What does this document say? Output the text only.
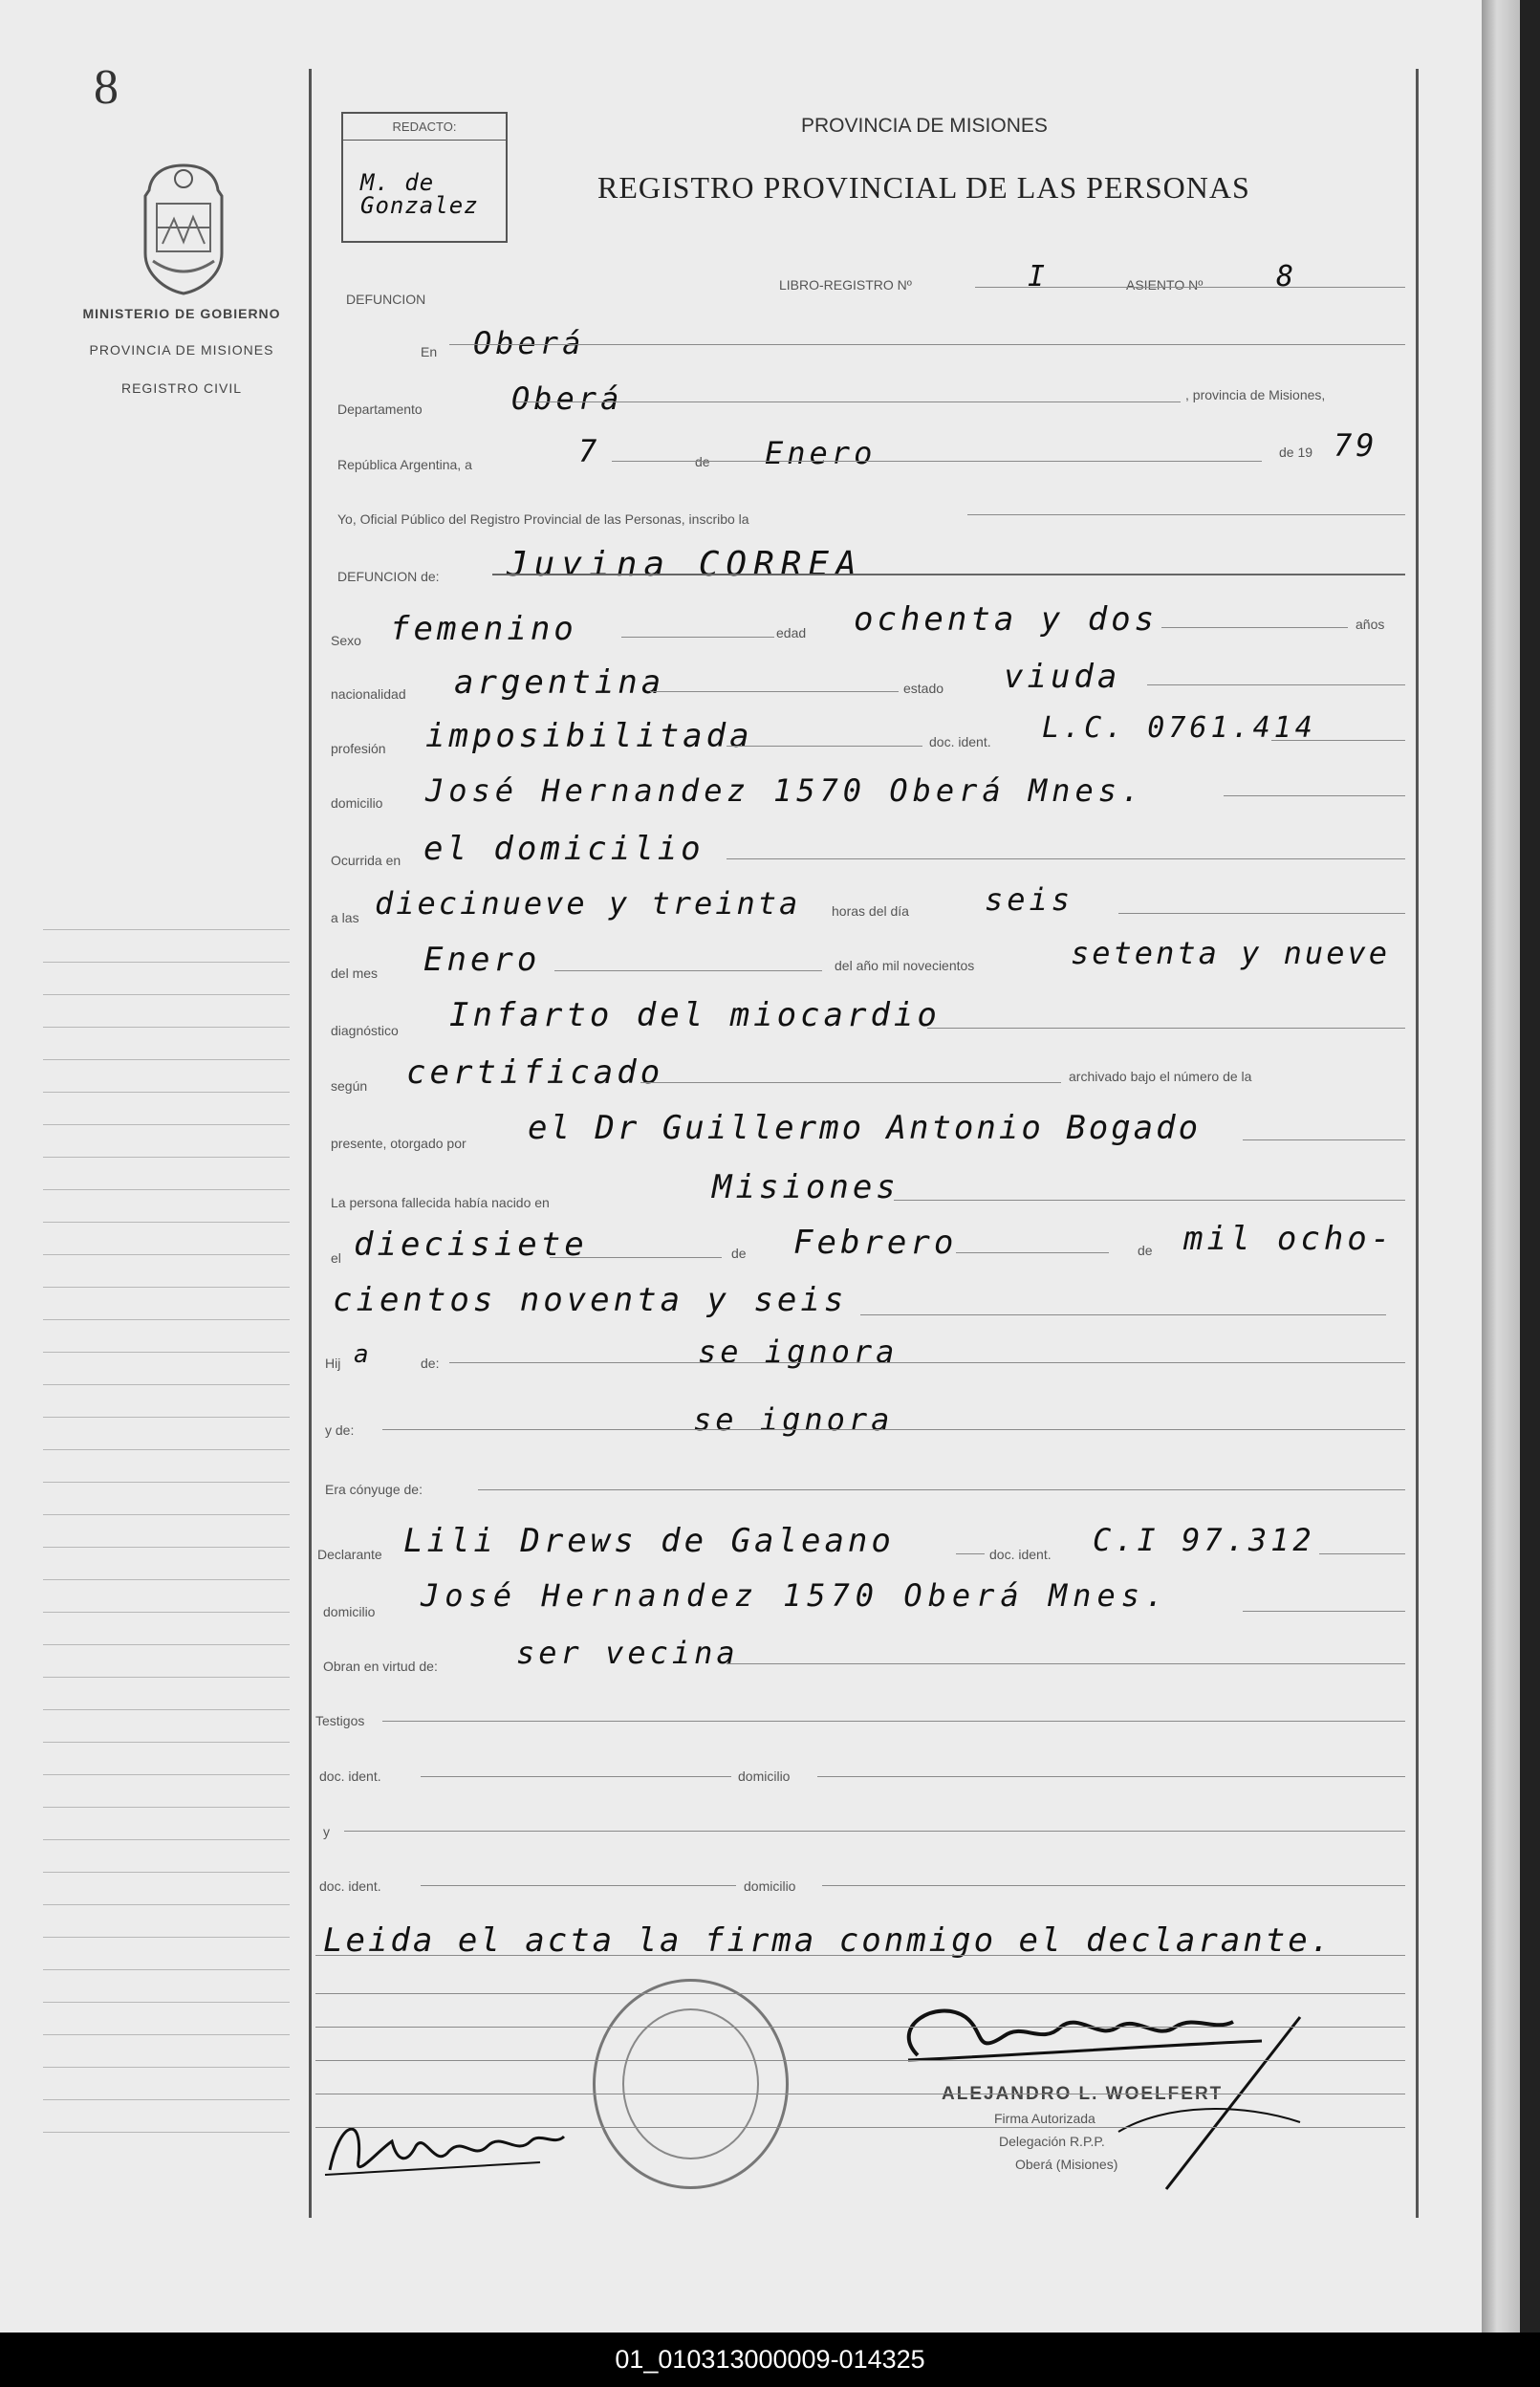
8
MINISTERIO DE GOBIERNO
PROVINCIA DE MISIONES
REGISTRO CIVIL
REDACTO:
M. de Gonzalez
PROVINCIA DE MISIONES
REGISTRO PROVINCIAL DE LAS PERSONAS
DEFUNCION
LIBRO-REGISTRO Nº	I	ASIENTO Nº	8
En Oberá
Departamento	Oberá	, provincia de Misiones,
República Argentina, a	7	de Enero	de 19 79
Yo, Oficial Público del Registro Provincial de las Personas, inscribo la
DEFUNCION de: Juvina CORREA
Sexo femenino	edad ochenta y dos	años
nacionalidad argentina	estado viuda
profesión imposibilitada	doc. ident. L.C. 0761.414
domicilio José Hernandez 1570 Oberá Mnes.
Ocurrida en el domicilio
a las diecinueve y treinta horas del día seis
del mes Enero	del año mil novecientos	setenta y nueve
diagnóstico Infarto del miocardio
según certificado	archivado bajo el número de la
presente, otorgado por el Dr Guillermo Antonio Bogado
La persona fallecida había nacido en	Misiones
el diecisiete	de Febrero	de mil ocho-
cientos noventa y seis
Hij a	de:	se ignora
y de:	se ignora
Era cónyuge de:
Declarante Lili Drews de Galeano	doc. ident. C.I 97.312
domicilio José Hernandez 1570 Oberá Mnes.
Obran en virtud de:	ser vecina
Testigos
doc. ident.	domicilio
y
doc. ident.	domicilio
Leida el acta la firma conmigo el declarante.
ALEJANDRO L. WOELFERT
Firma Autorizada
Delegación R.P.P.
Oberá (Misiones)
01_010313000009-014325
